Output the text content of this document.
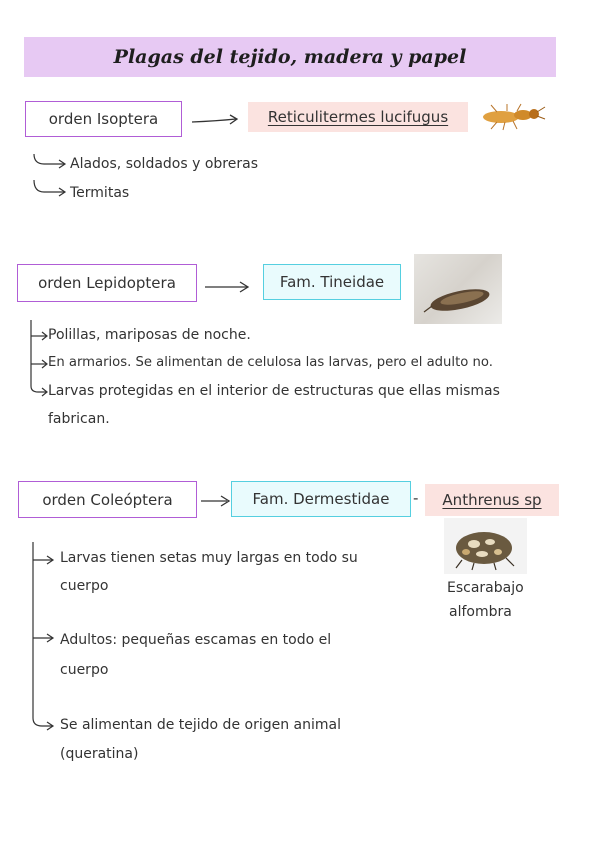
Plagas del tejido, madera y papel
orden Isoptera	Reticulitermes lucifugus
Alados, soldados y obreras
Termitas
orden Lepidoptera	Fam. Tineidae
Polillas, mariposas de noche.
En armarios. Se alimentan de celulosa las larvas, pero el adulto no.
Larvas protegidas en el interior de estructuras que ellas mismas
fabrican.
orden Coleóptera	Fam. Dermestidae - Anthrenus sp
Escarabajo
alfombra
Larvas tienen setas muy largas en todo su
cuerpo
Adultos: pequeñas escamas en todo el
cuerpo
Se alimentan de tejido de origen animal
(queratina)
